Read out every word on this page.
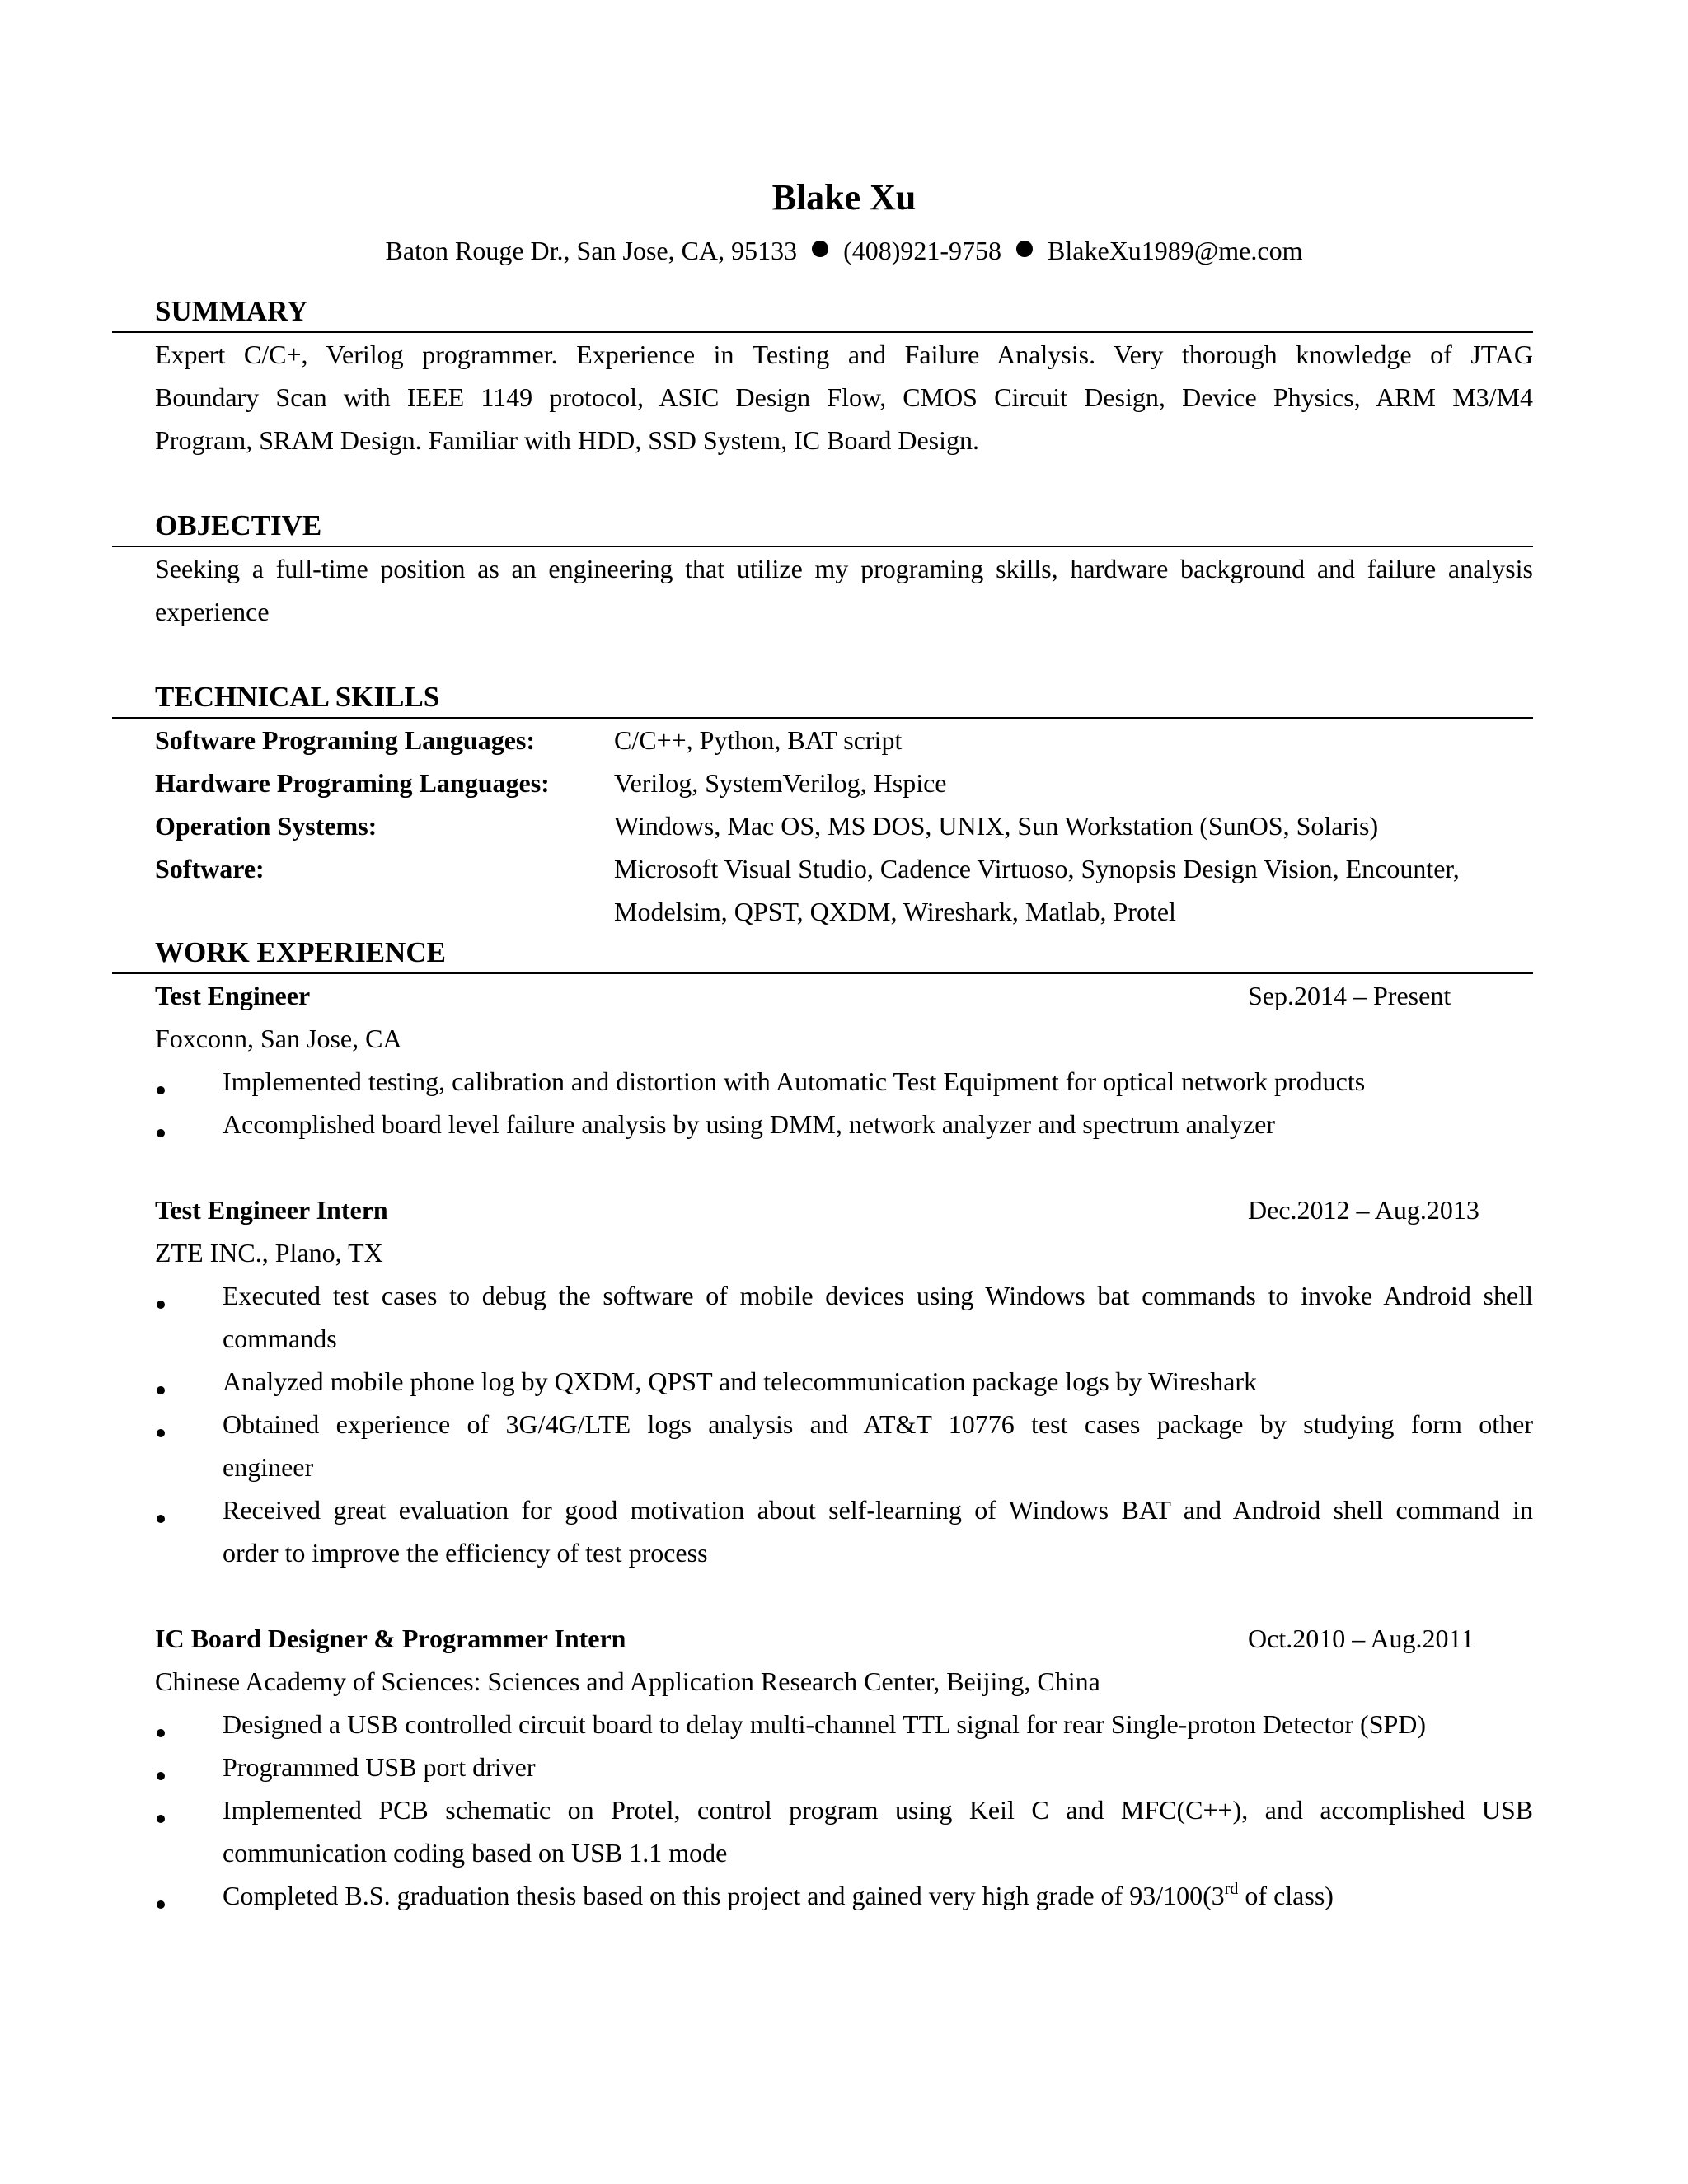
Blake Xu
Baton Rouge Dr., San Jose, CA, 95133 (408)921-9758 BlakeXu1989@me.com
SUMMARY
Expert C/C+, Verilog programmer. Experience in Testing and Failure Analysis. Very thorough knowledge of JTAG
Boundary Scan with IEEE 1149 protocol, ASIC Design Flow, CMOS Circuit Design, Device Physics, ARM M3/M4
Program, SRAM Design. Familiar with HDD, SSD System, IC Board Design.
OBJECTIVE
Seeking a full-time position as an engineering that utilize my programing skills, hardware background and failure analysis
experience
TECHNICAL SKILLS
Software Programing Languages:	C/C++, Python, BAT script
Hardware Programing Languages: Verilog, SystemVerilog, Hspice
Operation Systems:	Windows, Mac OS, MS DOS, UNIX, Sun Workstation (SunOS, Solaris)
Software:	Microsoft Visual Studio, Cadence Virtuoso, Synopsis Design Vision, Encounter,
Modelsim, QPST, QXDM, Wireshark, Matlab, Protel
WORK EXPERIENCE
Test Engineer	Sep.2014 – Present
Foxconn, San Jose, CA
Implemented testing, calibration and distortion with Automatic Test Equipment for optical network products
Accomplished board level failure analysis by using DMM, network analyzer and spectrum analyzer
Test Engineer Intern	Dec.2012 – Aug.2013
ZTE INC., Plano, TX
Executed test cases to debug the software of mobile devices using Windows bat commands to invoke Android shell
commands
Analyzed mobile phone log by QXDM, QPST and telecommunication package logs by Wireshark
Obtained experience of 3G/4G/LTE logs analysis and AT&T 10776 test cases package by studying form other
engineer
Received great evaluation for good motivation about self-learning of Windows BAT and Android shell command in
order to improve the efficiency of test process
IC Board Designer & Programmer Intern	Oct.2010 – Aug.2011
Chinese Academy of Sciences: Sciences and Application Research Center, Beijing, China
Designed a USB controlled circuit board to delay multi-channel TTL signal for rear Single-proton Detector (SPD)
Programmed USB port driver
Implemented PCB schematic on Protel, control program using Keil C and MFC(C++), and accomplished USB
communication coding based on USB 1.1 mode
Completed B.S. graduation thesis based on this project and gained very high grade of 93/100(3rd of class)
